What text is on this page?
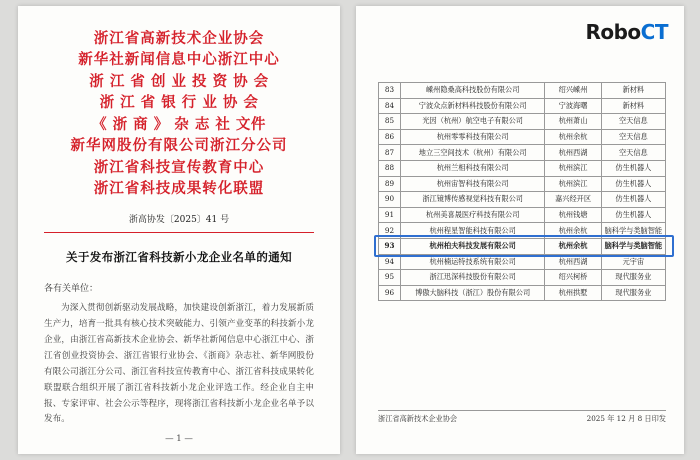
浙江省高新技术企业协会
新华社新闻信息中心浙江中心
浙 江 省 创 业 投 资 协 会
浙 江 省 银 行 业 协 会
《 浙 商 》 杂 志 社 文件
新华网股份有限公司浙江分公司
浙江省科技宣传教育中心
浙江省科技成果转化联盟
浙高协发〔2025〕41 号
关于发布浙江省科技新小龙企业名单的通知
各有关单位：
为深入贯彻创新驱动发展战略，加快建设创新浙江，着力发展新质生产力，培育一批具有核心技术突破能力、引领产业变革的科技新小龙企业，由浙江省高新技术企业协会、新华社新闻信息中心浙江中心、浙江省创业投资协会、浙江省银行业协会、《浙商》杂志社、新华网股份有限公司浙江分公司、浙江省科技宣传教育中心、浙江省科技成果转化联盟联合组织开展了浙江省科技新小龙企业评选工作。经企业自主申报、专家评审、社会公示等程序，现将浙江省科技新小龙企业名单予以发布。
— 1 —
RoboCT
83	嵊州隐桑高科技股份有限公司	绍兴嵊州	新材料
84	宁波众点新材料科技股份有限公司	宁波海曙	新材料
85	光因（杭州）航空电子有限公司	杭州萧山	空天信息
86	杭州零零科技有限公司	杭州余杭	空天信息
87	地立三空间技术（杭州）有限公司	杭州西湖	空天信息
88	杭州兰相科技有限公司	杭州滨江	仿生机器人
89	杭州宙智科技有限公司	杭州滨江	仿生机器人
90	浙江镜博传感视觉科技有限公司	嘉兴经开区	仿生机器人
91	杭州美喜晟医疗科技有限公司	杭州钱塘	仿生机器人
92	杭州程星智能科技有限公司	杭州余杭	脑科学与类脑智能
93	杭州柏夫科技发展有限公司	杭州余杭	脑科学与类脑智能
94	杭州楠运特技系统有限公司	杭州西湖	元宇宙
95	浙江迅深科技股份有限公司	绍兴柯桥	现代服务业
96	博傲大脑科技（浙江）股份有限公司	杭州拱墅	现代服务业
浙江省高新技术企业协会	2025 年 12 月 8 日印发
